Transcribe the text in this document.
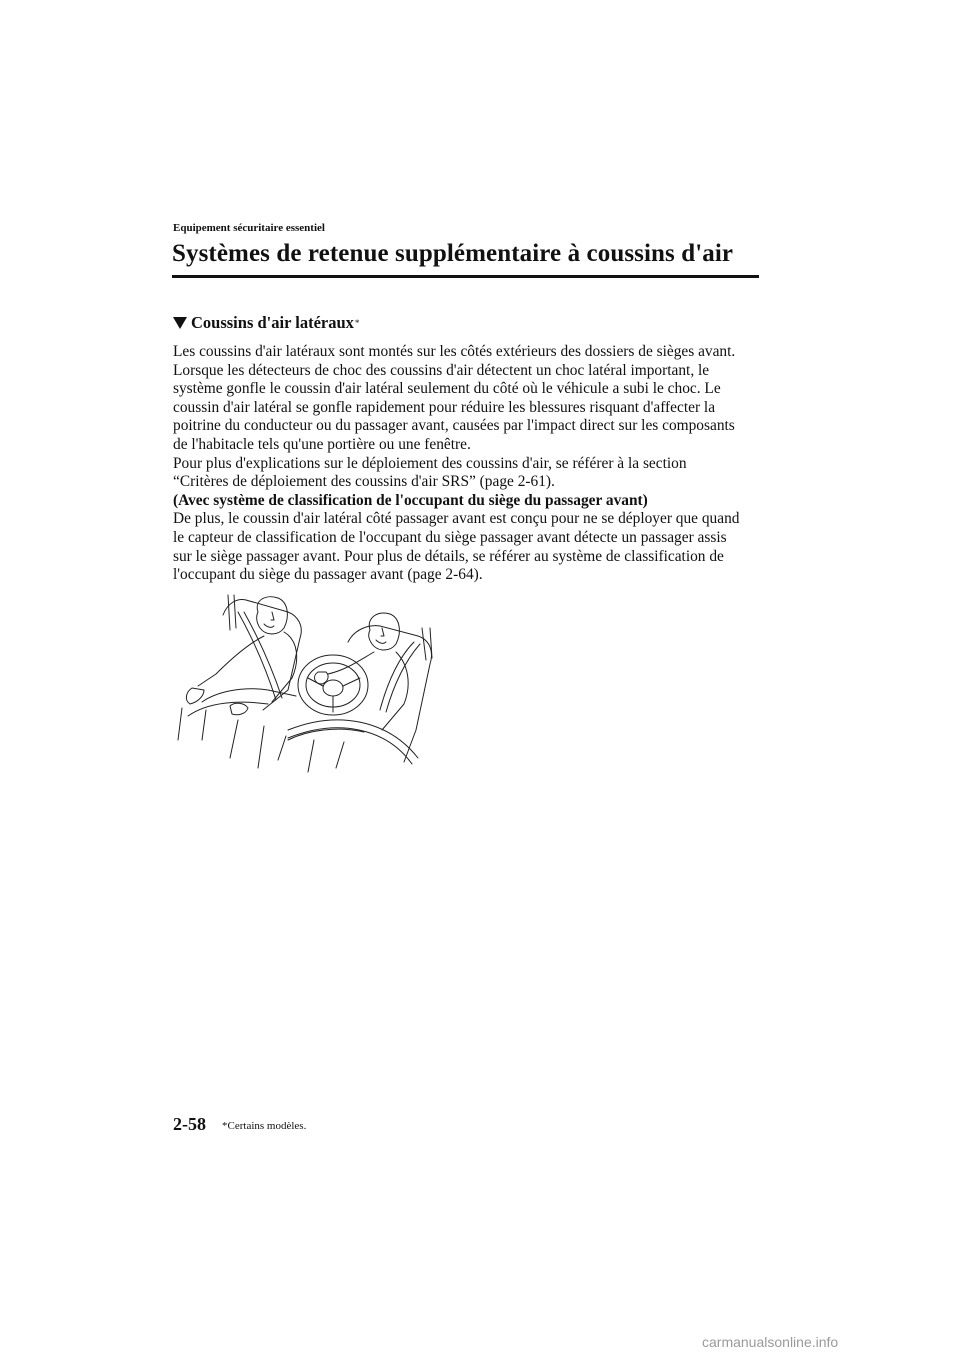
Equipement sécuritaire essentiel
Systèmes de retenue supplémentaire à coussins d'air
Coussins d'air latéraux *
Les coussins d'air latéraux sont montés sur les côtés extérieurs des dossiers de sièges avant.
Lorsque les détecteurs de choc des coussins d'air détectent un choc latéral important, le
système gonfle le coussin d'air latéral seulement du côté où le véhicule a subi le choc. Le
coussin d'air latéral se gonfle rapidement pour réduire les blessures risquant d'affecter la
poitrine du conducteur ou du passager avant, causées par l'impact direct sur les composants
de l'habitacle tels qu'une portière ou une fenêtre.
Pour plus d'explications sur le déploiement des coussins d'air, se référer à la section
“Critères de déploiement des coussins d'air SRS” (page 2-61).
(Avec système de classification de l'occupant du siège du passager avant)
De plus, le coussin d'air latéral côté passager avant est conçu pour ne se déployer que quand
le capteur de classification de l'occupant du siège passager avant détecte un passager assis
sur le siège passager avant. Pour plus de détails, se référer au système de classification de
l'occupant du siège du passager avant (page 2-64).
2-58 *Certains modèles.
carmanualsonline.info
